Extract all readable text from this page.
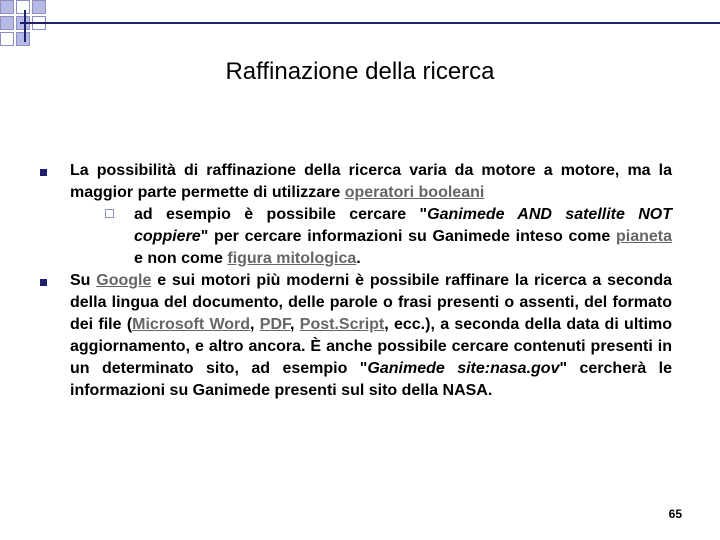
Raffinazione della ricerca
La possibilità di raffinazione della ricerca varia da motore a motore, ma la maggior parte permette di utilizzare operatori booleani
ad esempio è possibile cercare "Ganimede AND satellite NOT coppiere" per cercare informazioni su Ganimede inteso come pianeta e non come figura mitologica.
Su Google e sui motori più moderni è possibile raffinare la ricerca a seconda della lingua del documento, delle parole o frasi presenti o assenti, del formato dei file (Microsoft Word, PDF, Post.Script, ecc.), a seconda della data di ultimo aggiornamento, e altro ancora. È anche possibile cercare contenuti presenti in un determinato sito, ad esempio "Ganimede site:nasa.gov" cercherà le informazioni su Ganimede presenti sul sito della NASA.
65
